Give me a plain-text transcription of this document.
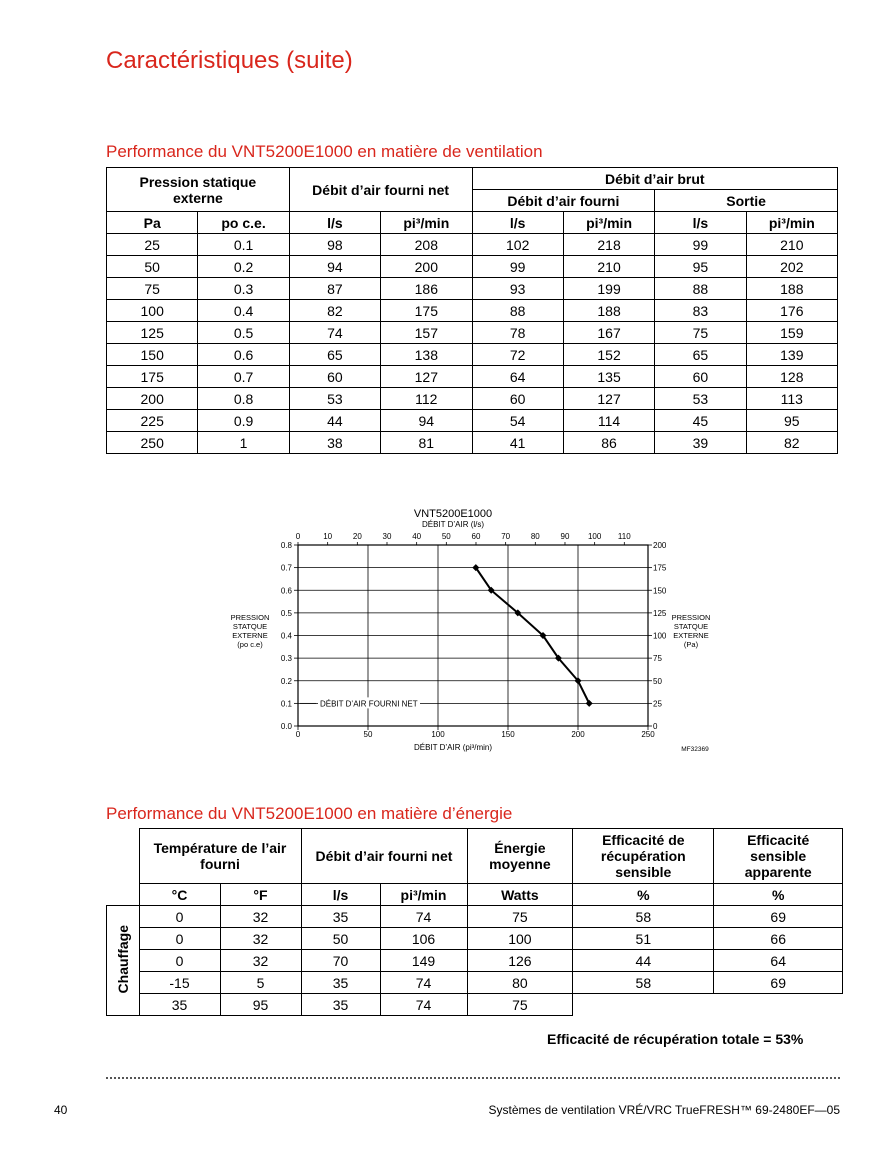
Caractéristiques (suite)
Performance du VNT5200E1000 en matière de ventilation
Pression statique externe		Débit d’air fourni net		Débit d’air brut			
				Débit d’air fourni		Sortie	
Pa	po c.e.	l/s	pi³/min	l/s	pi³/min	l/s	pi³/min
25	0.1	98	208	102	218	99	210
50	0.2	94	200	99	210	95	202
75	0.3	87	186	93	199	88	188
100	0.4	82	175	88	188	83	176
125	0.5	74	157	78	167	75	159
150	0.6	65	138	72	152	65	139
175	0.7	60	127	64	135	60	128
200	0.8	53	112	60	127	53	113
225	0.9	44	94	54	114	45	95
250	1	38	81	41	86	39	82
0	50	100	150	200	250
0.0
0.1
0.2
0.3
0.4
0.5
0.6
0.7
0.8
0
25
50
75
100
125
150
175
200
0	10	20	30	40	50	60	70	80	90 100 110
VNT5200E1000
DÉBIT D’AIR (l/s)
DÉBIT D’AIR (pi³/min)	MF32369
PRESSION
STATQUE
EXTERNE
(po c.e)
PRESSION
STATQUE
EXTERNE
(Pa)
DÉBIT D’AIR FOURNI NET
Performance du VNT5200E1000 en matière d’énergie
	Température de l’air fourni		Débit d’air fourni net		Énergie moyenne	Efficacité de récupération sensible	Efficacité sensible apparente
	°C	°F	l/s	pi³/min	Watts	%	%
Chauffage	0	32	35	74	75	58	69
	0	32	50	106	100	51	66
	0	32	70	149	126	44	64
	-15	5	35	74	80	58	69
	35	95	35	74	75		

Efficacité de récupération totale = 53%

40	Systèmes de ventilation VRÉ/VRC TrueFRESH™ 69-2480EF—05
